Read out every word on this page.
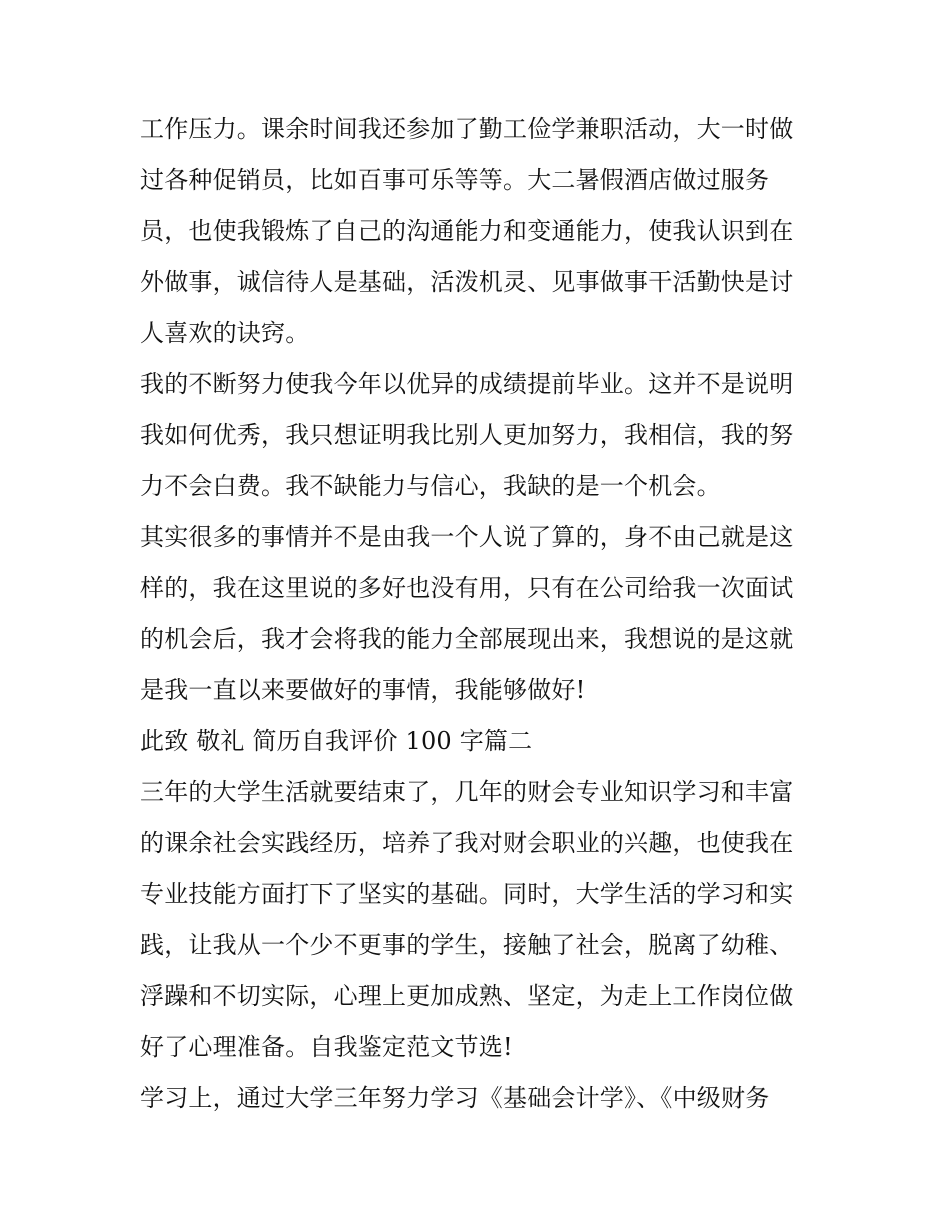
工作压力。课余时间我还参加了勤工俭学兼职活动，大一时做
过各种促销员，比如百事可乐等等。大二暑假酒店做过服务
员，也使我锻炼了自己的沟通能力和变通能力，使我认识到在
外做事，诚信待人是基础，活泼机灵、见事做事干活勤快是讨
人喜欢的诀窍。
我的不断努力使我今年以优异的成绩提前毕业。这并不是说明
我如何优秀，我只想证明我比别人更加努力，我相信，我的努
力不会白费。我不缺能力与信心，我缺的是一个机会。
其实很多的事情并不是由我一个人说了算的，身不由己就是这
样的，我在这里说的多好也没有用，只有在公司给我一次面试
的机会后，我才会将我的能力全部展现出来，我想说的是这就
是我一直以来要做好的事情，我能够做好!
此致 敬礼 简历自我评价 100 字篇二
三年的大学生活就要结束了，几年的财会专业知识学习和丰富
的课余社会实践经历，培养了我对财会职业的兴趣，也使我在
专业技能方面打下了坚实的基础。同时，大学生活的学习和实
践，让我从一个少不更事的学生，接触了社会，脱离了幼稚、
浮躁和不切实际，心理上更加成熟、坚定，为走上工作岗位做
好了心理准备。自我鉴定范文节选!
学习上，通过大学三年努力学习《基础会计学》、《中级财务
